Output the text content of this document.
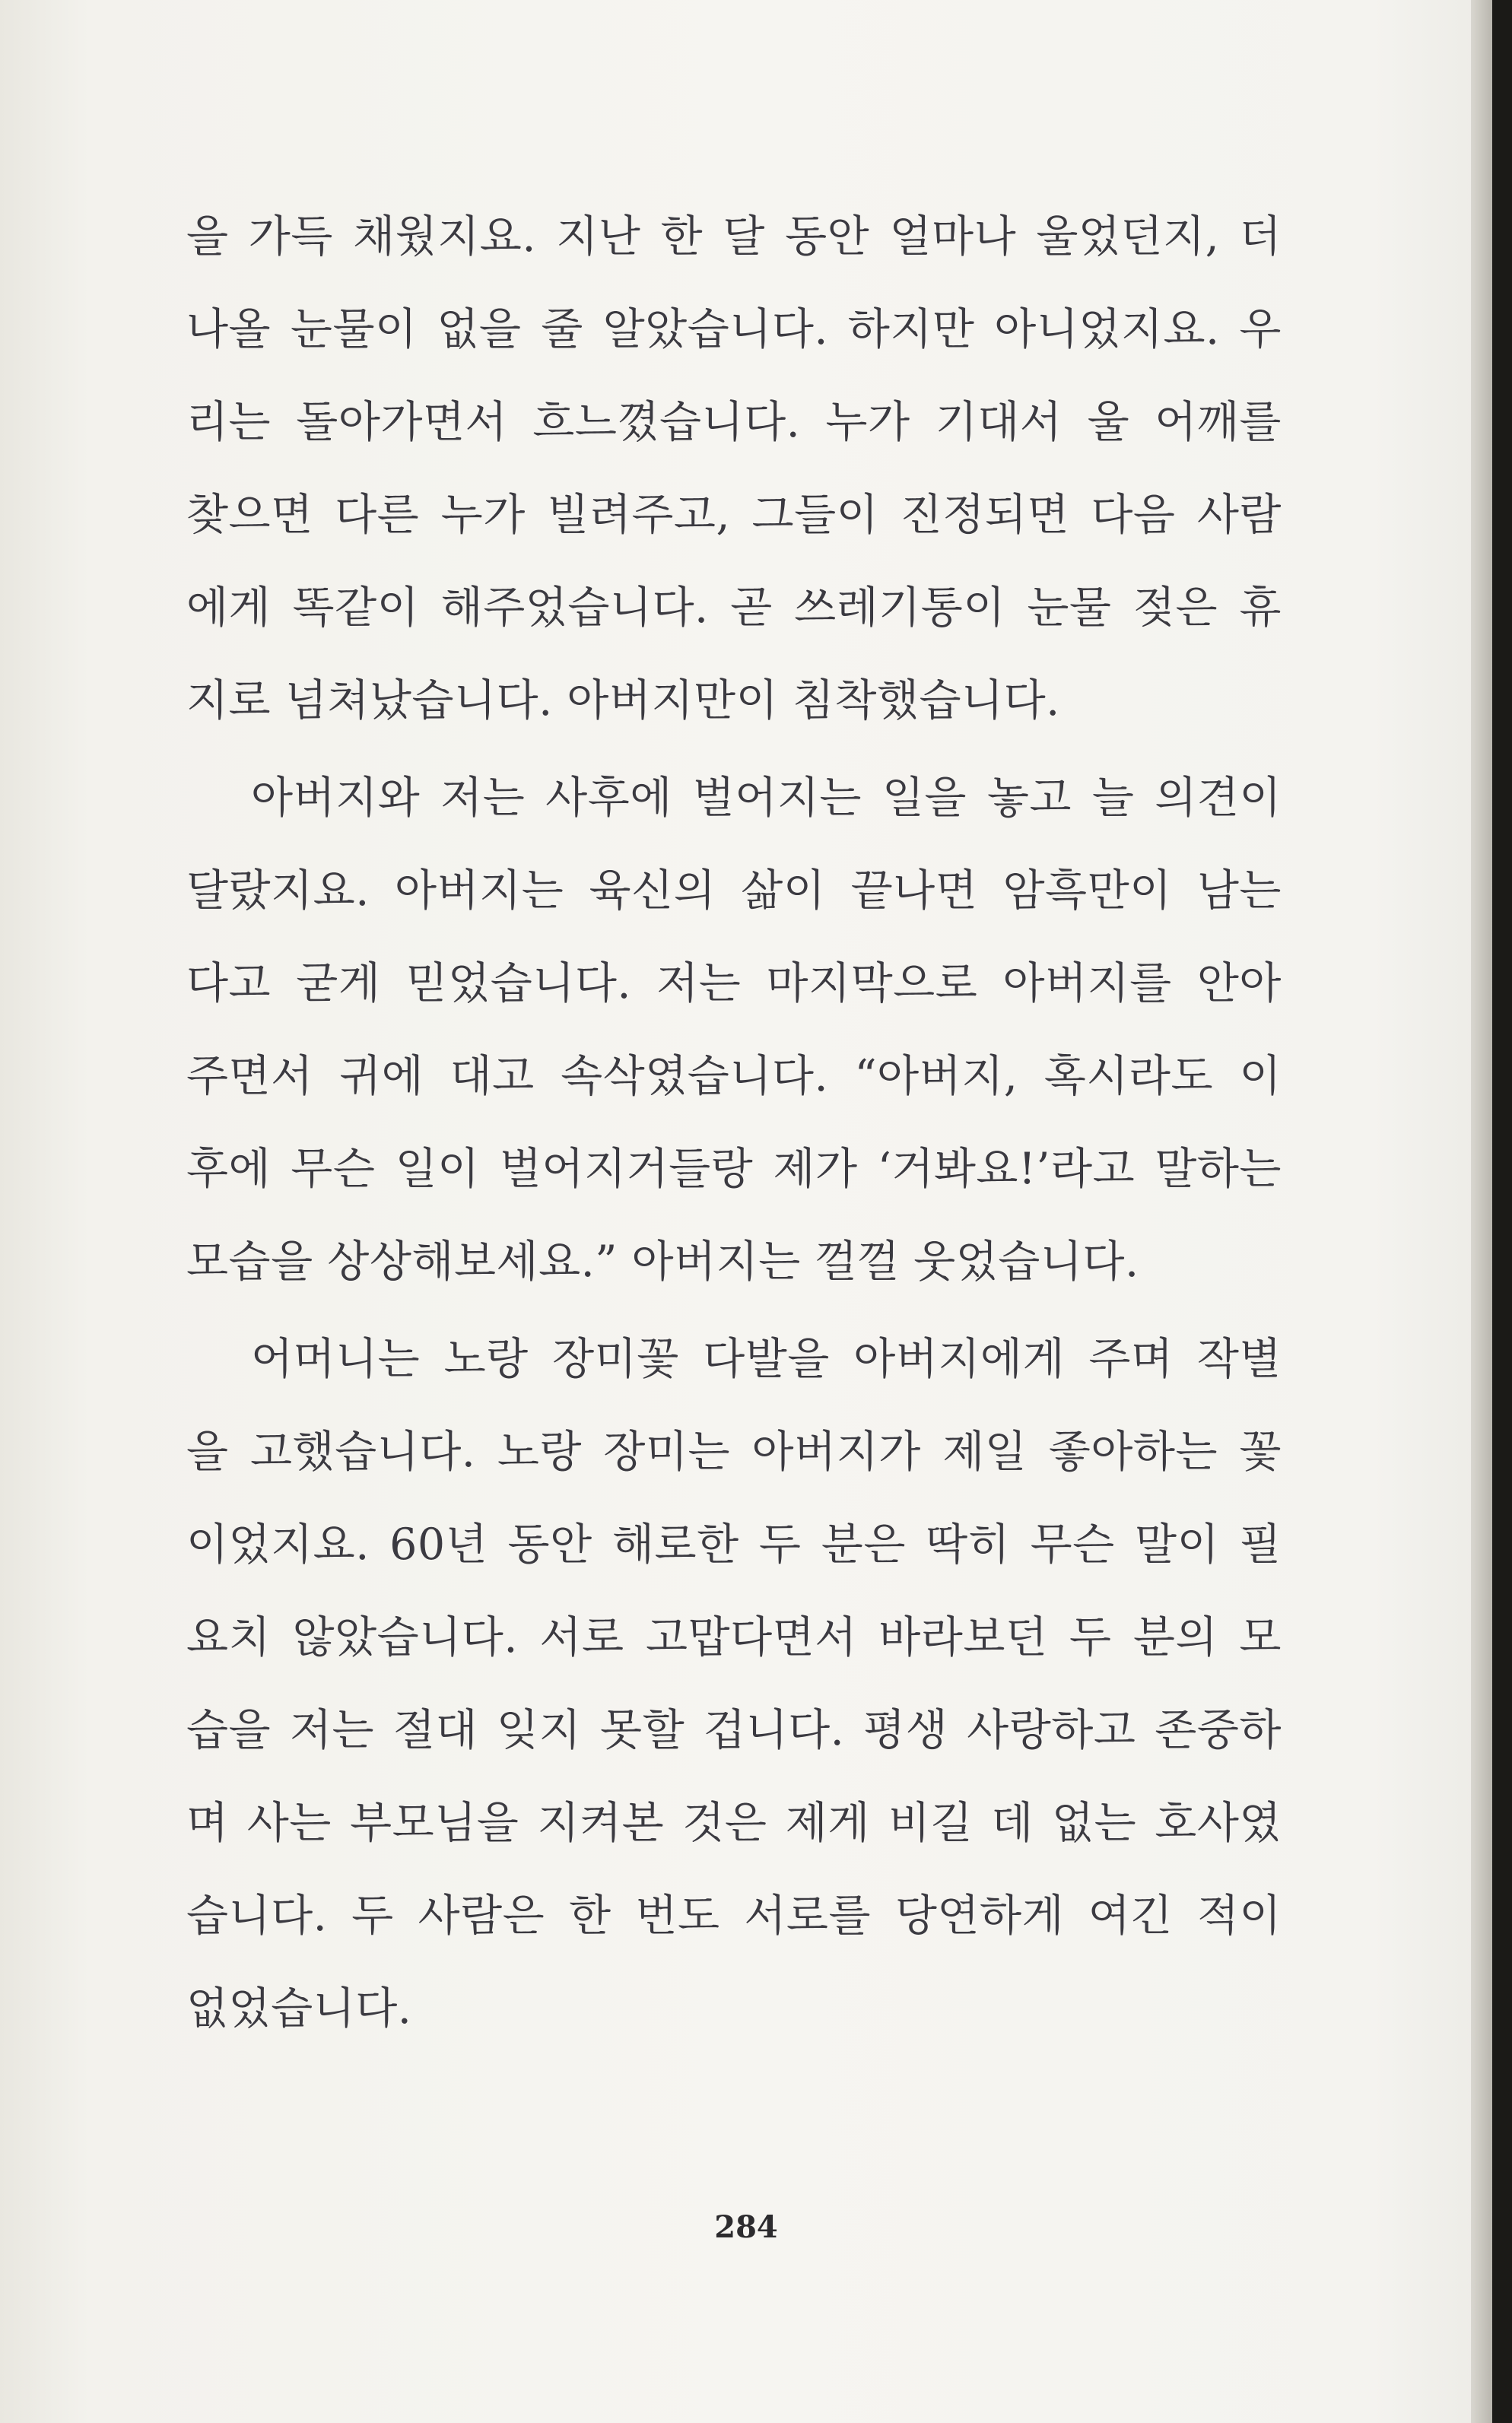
을 가득 채웠지요. 지난 한 달 동안 얼마나 울었던지, 더
나올 눈물이 없을 줄 알았습니다. 하지만 아니었지요. 우
리는 돌아가면서 흐느꼈습니다. 누가 기대서 울 어깨를
찾으면 다른 누가 빌려주고, 그들이 진정되면 다음 사람
에게 똑같이 해주었습니다. 곧 쓰레기통이 눈물 젖은 휴
지로 넘쳐났습니다. 아버지만이 침착했습니다.
아버지와 저는 사후에 벌어지는 일을 놓고 늘 의견이
달랐지요. 아버지는 육신의 삶이 끝나면 암흑만이 남는
다고 굳게 믿었습니다. 저는 마지막으로 아버지를 안아
주면서 귀에 대고 속삭였습니다. “아버지, 혹시라도 이
후에 무슨 일이 벌어지거들랑 제가 ‘거봐요!’라고 말하는
모습을 상상해보세요.” 아버지는 껄껄 웃었습니다.
어머니는 노랑 장미꽃 다발을 아버지에게 주며 작별
을 고했습니다. 노랑 장미는 아버지가 제일 좋아하는 꽃
이었지요. 60년 동안 해로한 두 분은 딱히 무슨 말이 필
요치 않았습니다. 서로 고맙다면서 바라보던 두 분의 모
습을 저는 절대 잊지 못할 겁니다. 평생 사랑하고 존중하
며 사는 부모님을 지켜본 것은 제게 비길 데 없는 호사였
습니다. 두 사람은 한 번도 서로를 당연하게 여긴 적이
없었습니다.
284
